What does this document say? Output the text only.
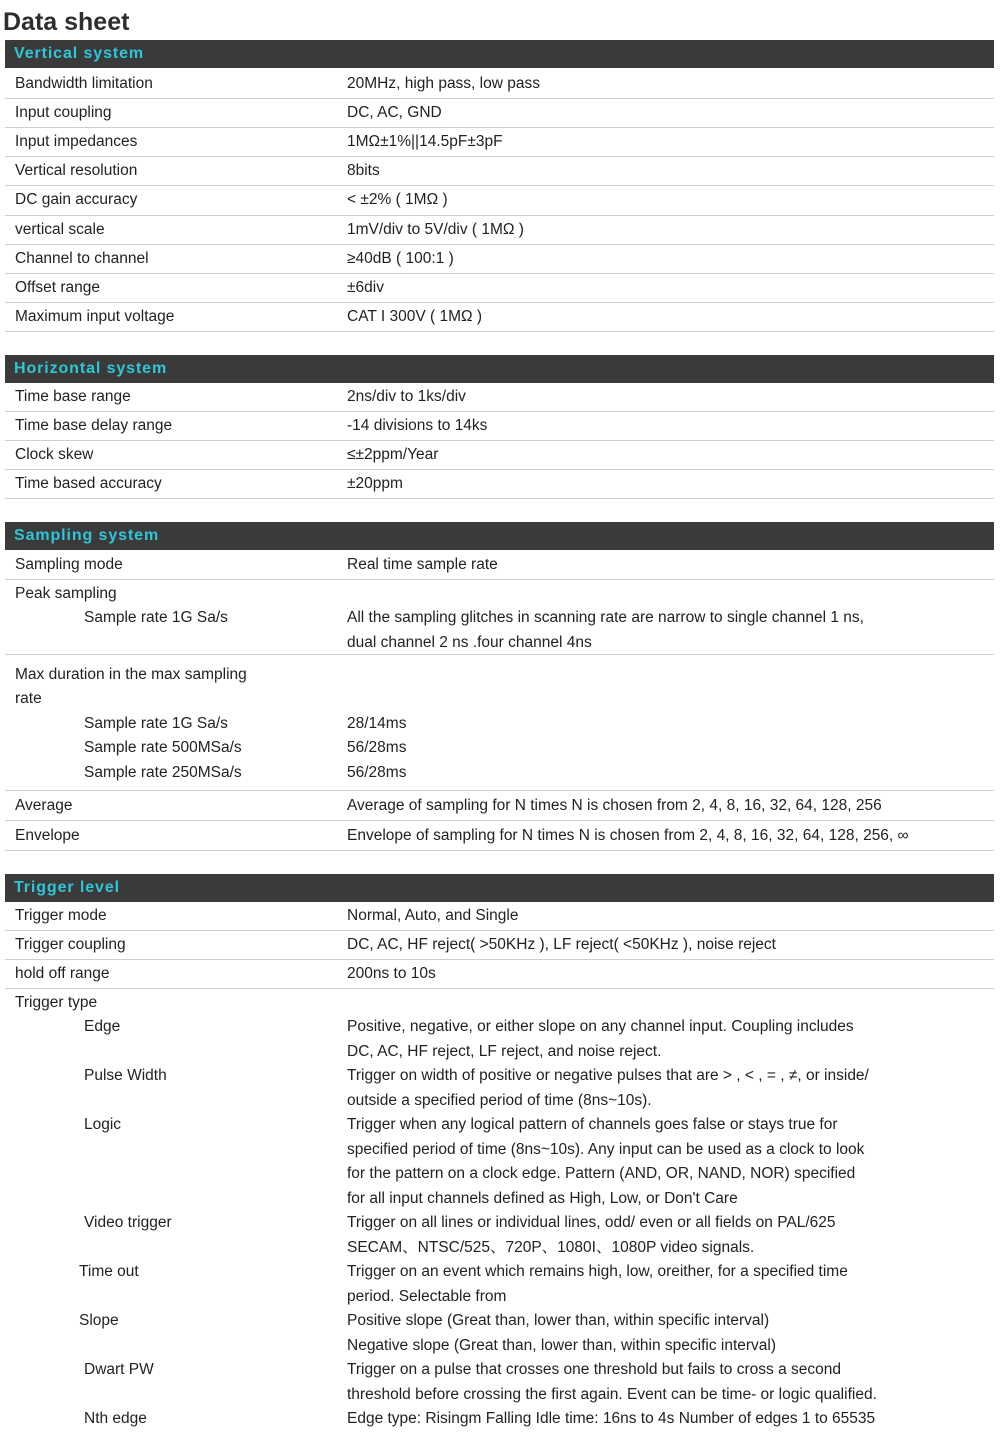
Data sheet
Vertical system
Bandwidth limitation	20MHz, high pass, low pass
Input coupling	DC, AC, GND
Input impedances	1MΩ±1%||14.5pF±3pF
Vertical resolution	8bits
DC gain accuracy	< ±2% ( 1MΩ )
vertical scale	1mV/div to 5V/div ( 1MΩ )
Channel to channel	≥40dB ( 100:1 )
Offset range	±6div
Maximum input voltage	CAT I 300V ( 1MΩ )
Horizontal system
Time base range	2ns/div to 1ks/div
Time base delay range	-14 divisions to 14ks
Clock skew	≤±2ppm/Year
Time based accuracy	±20ppm
Sampling system
Sampling mode	Real time sample rate
Peak sampling
Sample rate 1G Sa/s	All the sampling glitches in scanning rate are narrow to single channel 1 ns,
dual channel 2 ns .four channel 4ns
Max duration in the max sampling
rate
Sample rate 1G Sa/s	28/14ms
Sample rate 500MSa/s	56/28ms
Sample rate 250MSa/s	56/28ms
Average	Average of sampling for N times N is chosen from 2, 4, 8, 16, 32, 64, 128, 256
Envelope	Envelope of sampling for N times N is chosen from 2, 4, 8, 16, 32, 64, 128, 256, ∞
Trigger level
Trigger mode	Normal, Auto, and Single
Trigger coupling	DC, AC, HF reject( >50KHz ), LF reject( <50KHz ), noise reject
hold off range	200ns to 10s
Trigger type
Edge	Positive, negative, or either slope on any channel input. Coupling includes
DC, AC, HF reject, LF reject, and noise reject.
Pulse Width	Trigger on width of positive or negative pulses that are > , < , = , ≠, or inside/
outside a specified period of time (8ns~10s).
Logic	Trigger when any logical pattern of channels goes false or stays true for
specified period of time (8ns~10s). Any input can be used as a clock to look
for the pattern on a clock edge. Pattern (AND, OR, NAND, NOR) specified
for all input channels defined as High, Low, or Don't Care
Video trigger	Trigger on all lines or individual lines, odd/ even or all fields on PAL/625
SECAM、NTSC/525、720P、1080I、1080P video signals.
Time out	Trigger on an event which remains high, low, oreither, for a specified time
period. Selectable from
Slope	Positive slope (Great than, lower than, within specific interval)
Negative slope (Great than, lower than, within specific interval)
Dwart PW	Trigger on a pulse that crosses one threshold but fails to cross a second
threshold before crossing the first again. Event can be time- or logic qualified.
Nth edge	Edge type: Risingm Falling Idle time: 16ns to 4s Number of edges 1 to 65535
